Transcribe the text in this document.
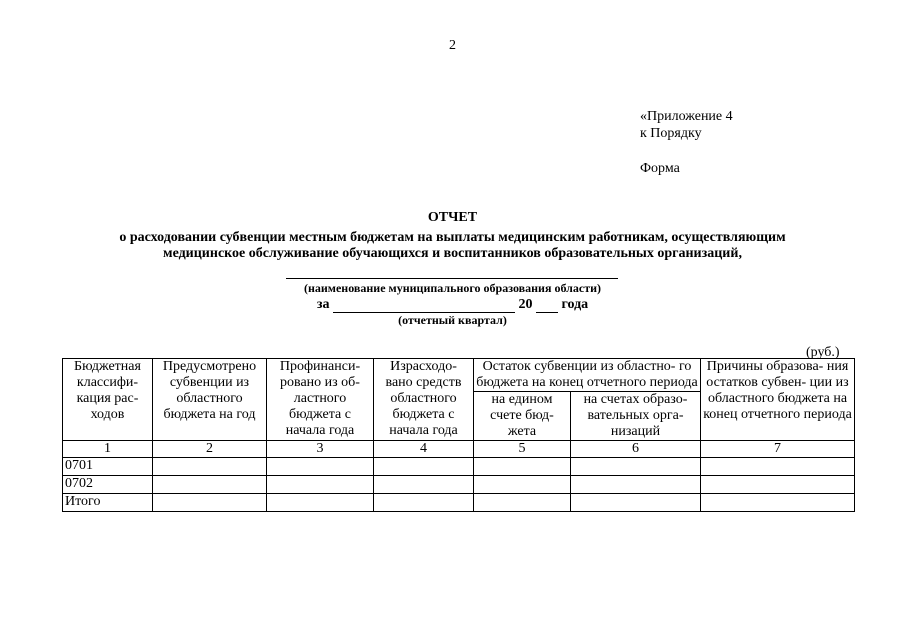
2
«Приложение 4
к Порядку
Форма
ОТЧЕТ
о расходовании субвенции местным бюджетам на выплаты медицинским работникам, осуществляющим
медицинское обслуживание обучающихся и воспитанников образовательных организаций,
(наименование муниципального образования области)
за	20 года
(отчетный квартал)
(руб.)
Бюджетная классифи- кация рас- ходов	Предусмотрено субвенции из областного бюджета на год	Профинанси- ровано из об- ластного бюджета с начала года	Израсходо- вано средств областного бюджета с начала года	Остаток субвенции из областно- го бюджета на конец отчетного периода		Причины образова- ния остатков субвен- ции из областного бюджета на конец отчетного периода
				на едином счете бюд- жета	на счетах образо- вательных орга- низаций	
1	2	3	4	5	6	7
0701						
0702						
Итого						
